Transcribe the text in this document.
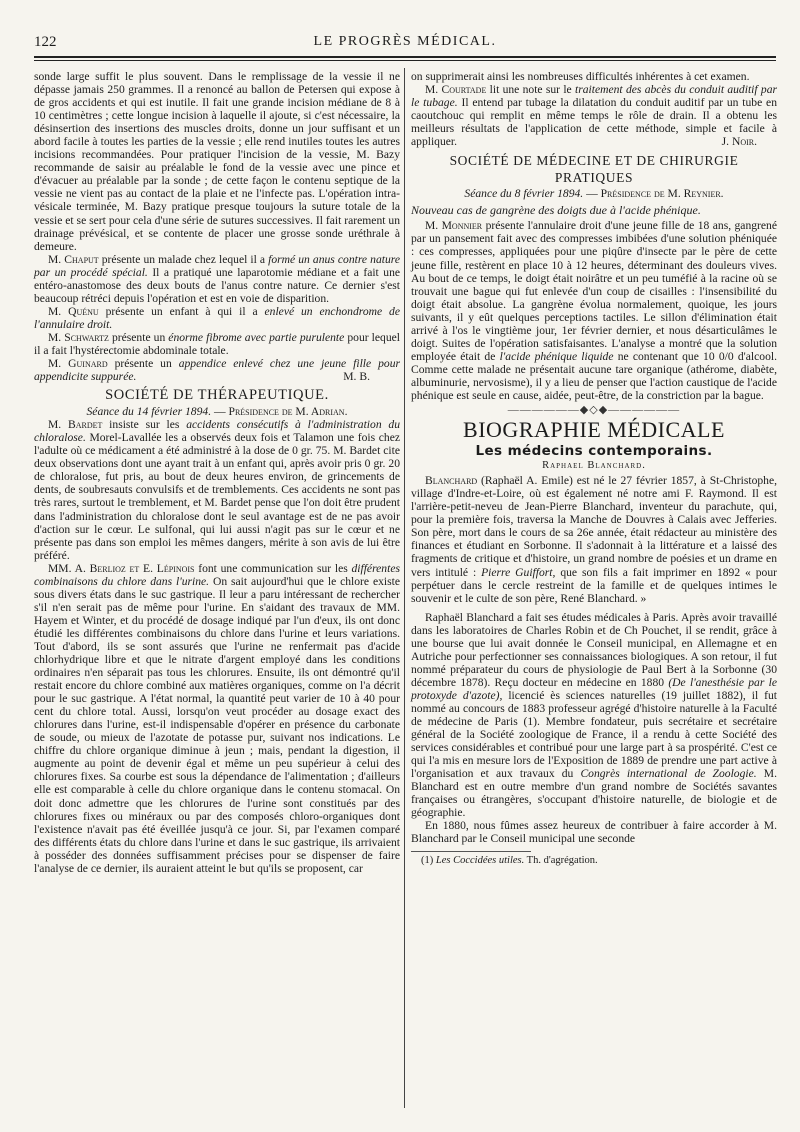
122	LE PROGRÈS MÉDICAL.

sonde large suffit le plus souvent. Dans le remplissage de la vessie il ne dépasse jamais 250 grammes. Il a renoncé au ballon de Petersen qui expose à de gros accidents et qui est inutile. Il fait une grande incision médiane de 8 à 10 centimètres ; cette longue incision à laquelle il ajoute, si c'est nécessaire, la désinsertion des insertions des muscles droits, donne un jour suffisant et un abord facile à toutes les parties de la vessie ; elle rend inutiles toutes les autres incisions recommandées. Pour pratiquer l'incision de la vessie, M. Bazy recommande de saisir au préalable le fond de la vessie avec une pince et d'évacuer au préalable par la sonde ; de cette façon le contenu septique de la vessie ne vient pas au contact de la plaie et ne l'infecte pas. L'opération intra-vésicale terminée, M. Bazy pratique presque toujours la suture totale de la vessie et se sert pour cela d'une série de sutures successives. Il fait rarement un drainage prévésical, et se contente de placer une grosse sonde uréthrale à demeure.

M. Chaput présente un malade chez lequel il a formé un anus contre nature par un procédé spécial. Il a pratiqué une laparotomie médiane et a fait une entéro-anastomose des deux bouts de l'anus contre nature. Ce dernier s'est beaucoup rétréci depuis l'opération et est en voie de disparition.

M. Quénu présente un enfant à qui il a enlevé un enchondrome de l'annulaire droit.

M. Schwartz présente un énorme fibrome avec partie purulente pour lequel il a fait l'hystérectomie abdominale totale.

M. Guinard présente un appendice enlevé chez une jeune fille pour appendicite suppurée.	M. B.

SOCIÉTÉ DE THÉRAPEUTIQUE.

Séance du 14 février 1894. — Présidence de M. Adrian.

M. Bardet insiste sur les accidents consécutifs à l'administration du chloralose. Morel-Lavallée les a observés deux fois et Talamon une fois chez l'adulte où ce médicament a été administré à la dose de 0 gr. 75. M. Bardet cite deux observations dont une ayant trait à un enfant qui, après avoir pris 0 gr. 20 de chloralose, fut pris, au bout de deux heures environ, de grincements de dents, de soubresauts convulsifs et de tremblements. Ces accidents ne sont pas très rares, surtout le tremblement, et M. Bardet pense que l'on doit être prudent dans l'administration du chloralose dont le seul avantage est de ne pas avoir d'action sur le cœur. Le sulfonal, qui lui aussi n'agit pas sur le cœur et ne présente pas dans son emploi les mêmes dangers, mérite à son avis de lui être préféré.

MM. A. Berlioz et E. Lépinois font une communication sur les différentes combinaisons du chlore dans l'urine. On sait aujourd'hui que le chlore existe sous divers états dans le suc gastrique. Il leur a paru intéressant de rechercher s'il n'en serait pas de même pour l'urine. En s'aidant des travaux de MM. Hayem et Winter, et du procédé de dosage indiqué par l'un d'eux, ils ont donc étudié les différentes combinaisons du chlore dans l'urine et leurs variations. Tout d'abord, ils se sont assurés que l'urine ne renfermait pas d'acide chlorhydrique libre et que le nitrate d'argent employé dans les conditions ordinaires n'en séparait pas tous les chlorures. Ensuite, ils ont démontré qu'il restait encore du chlore combiné aux matières organiques, comme on l'a décrit pour le suc gastrique. A l'état normal, la quantité peut varier de 10 à 40 pour cent du chlore total. Aussi, lorsqu'on veut procéder au dosage exact des chlorures dans l'urine, est-il indispensable d'opérer en présence du carbonate de soude, ou mieux de l'azotate de potasse pur, suivant nos indications. Le chiffre du chlore organique diminue à jeun ; mais, pendant la digestion, il augmente au point de devenir égal et même un peu supérieur à celui des chlorures fixes. Sa courbe est sous la dépendance de l'alimentation ; d'ailleurs elle est comparable à celle du chlore organique dans le contenu stomacal. On doit donc admettre que les chlorures de l'urine sont constitués par des chlorures fixes ou minéraux ou par des composés chloro-organiques dont l'existence n'avait pas été éveillée jusqu'à ce jour. Si, par l'examen comparé des différents états du chlore dans l'urine et dans le suc gastrique, ils arrivaient à posséder des données suffisamment précises pour se dispenser de faire l'analyse de ce dernier, ils auraient atteint le but qu'ils se proposent, car

on supprimerait ainsi les nombreuses difficultés inhérentes à cet examen.

M. Courtade lit une note sur le traitement des abcès du conduit auditif par le tubage. Il entend par tubage la dilatation du conduit auditif par un tube en caoutchouc qui remplit en même temps le rôle de drain. Il a obtenu les meilleurs résultats de l'application de cette méthode, simple et facile à appliquer.	J. Noir.

SOCIÉTÉ DE MÉDECINE ET DE CHIRURGIE PRATIQUES

Séance du 8 février 1894. — Présidence de M. Reynier.

Nouveau cas de gangrène des doigts due à l'acide phénique.

M. Monnier présente l'annulaire droit d'une jeune fille de 18 ans, gangrené par un pansement fait avec des compresses imbibées d'une solution phéniquée : ces compresses, appliquées pour une piqûre d'insecte par le père de cette jeune fille, restèrent en place 10 à 12 heures, déterminant des douleurs vives. Au bout de ce temps, le doigt était noirâtre et un peu tuméfié à la racine où se trouvait une bague qui fut enlevée d'un coup de cisailles : l'insensibilité du doigt était absolue. La gangrène évolua normalement, quoique, les jours suivants, il y eût quelques perceptions tactiles. Le sillon d'élimination était arrivé à l'os le vingtième jour, 1er février dernier, et nous désarticulâmes le doigt. Suites de l'opération satisfaisantes. L'analyse a montré que la solution employée était de l'acide phénique liquide ne contenant que 10 0/0 d'alcool. Comme cette malade ne présentait aucune tare organique (athérome, diabète, albuminurie, nervosisme), il y a lieu de penser que l'action caustique de l'acide phénique est seule en cause, aidée, peut-être, de la constriction par la bague.

——————◆◇◆——————
BIOGRAPHIE MÉDICALE
Les médecins contemporains.
Raphael Blanchard.

Blanchard (Raphaël A. Emile) est né le 27 février 1857, à St-Christophe, village d'Indre-et-Loire, où est également né notre ami F. Raymond. Il est l'arrière-petit-neveu de Jean-Pierre Blanchard, inventeur du parachute, qui, pour la première fois, traversa la Manche de Douvres à Calais avec Jefferies. Son père, mort dans le cours de sa 26e année, était rédacteur au ministère des finances et étudiant en Sorbonne. Il s'adonnait à la littérature et a laissé des fragments de critique et d'histoire, un grand nombre de poésies et un drame en vers intitulé : Pierre Guiffort, que son fils a fait imprimer en 1892 « pour perpétuer dans le cercle restreint de la famille et de quelques intimes le souvenir et le culte de son père, René Blanchard. »

Raphaël Blanchard a fait ses études médicales à Paris. Après avoir travaillé dans les laboratoires de Charles Robin et de Ch Pouchet, il se rendit, grâce à une bourse que lui avait donnée le Conseil municipal, en Allemagne et en Autriche pour perfectionner ses connaissances biologiques. A son retour, il fut nommé préparateur du cours de physiologie de Paul Bert à la Sorbonne (30 décembre 1878). Reçu docteur en médecine en 1880 (De l'anesthésie par le protoxyde d'azote), licencié ès sciences naturelles (19 juillet 1882), il fut nommé au concours de 1883 professeur agrégé d'histoire naturelle à la Faculté de médecine de Paris (1). Membre fondateur, puis secrétaire et secrétaire général de la Société zoologique de France, il a rendu à cette Société des services considérables et contribué pour une large part à sa prospérité. C'est ce qui l'a mis en mesure lors de l'Exposition de 1889 de prendre une part active à l'organisation et aux travaux du Congrès international de Zoologie. M. Blanchard est en outre membre d'un grand nombre de Sociétés savantes françaises ou étrangères, s'occupant d'histoire naturelle, de biologie et de géographie.

En 1880, nous fûmes assez heureux de contribuer à faire accorder à M. Blanchard par le Conseil municipal une seconde

(1) Les Coccidées utiles. Th. d'agrégation.
